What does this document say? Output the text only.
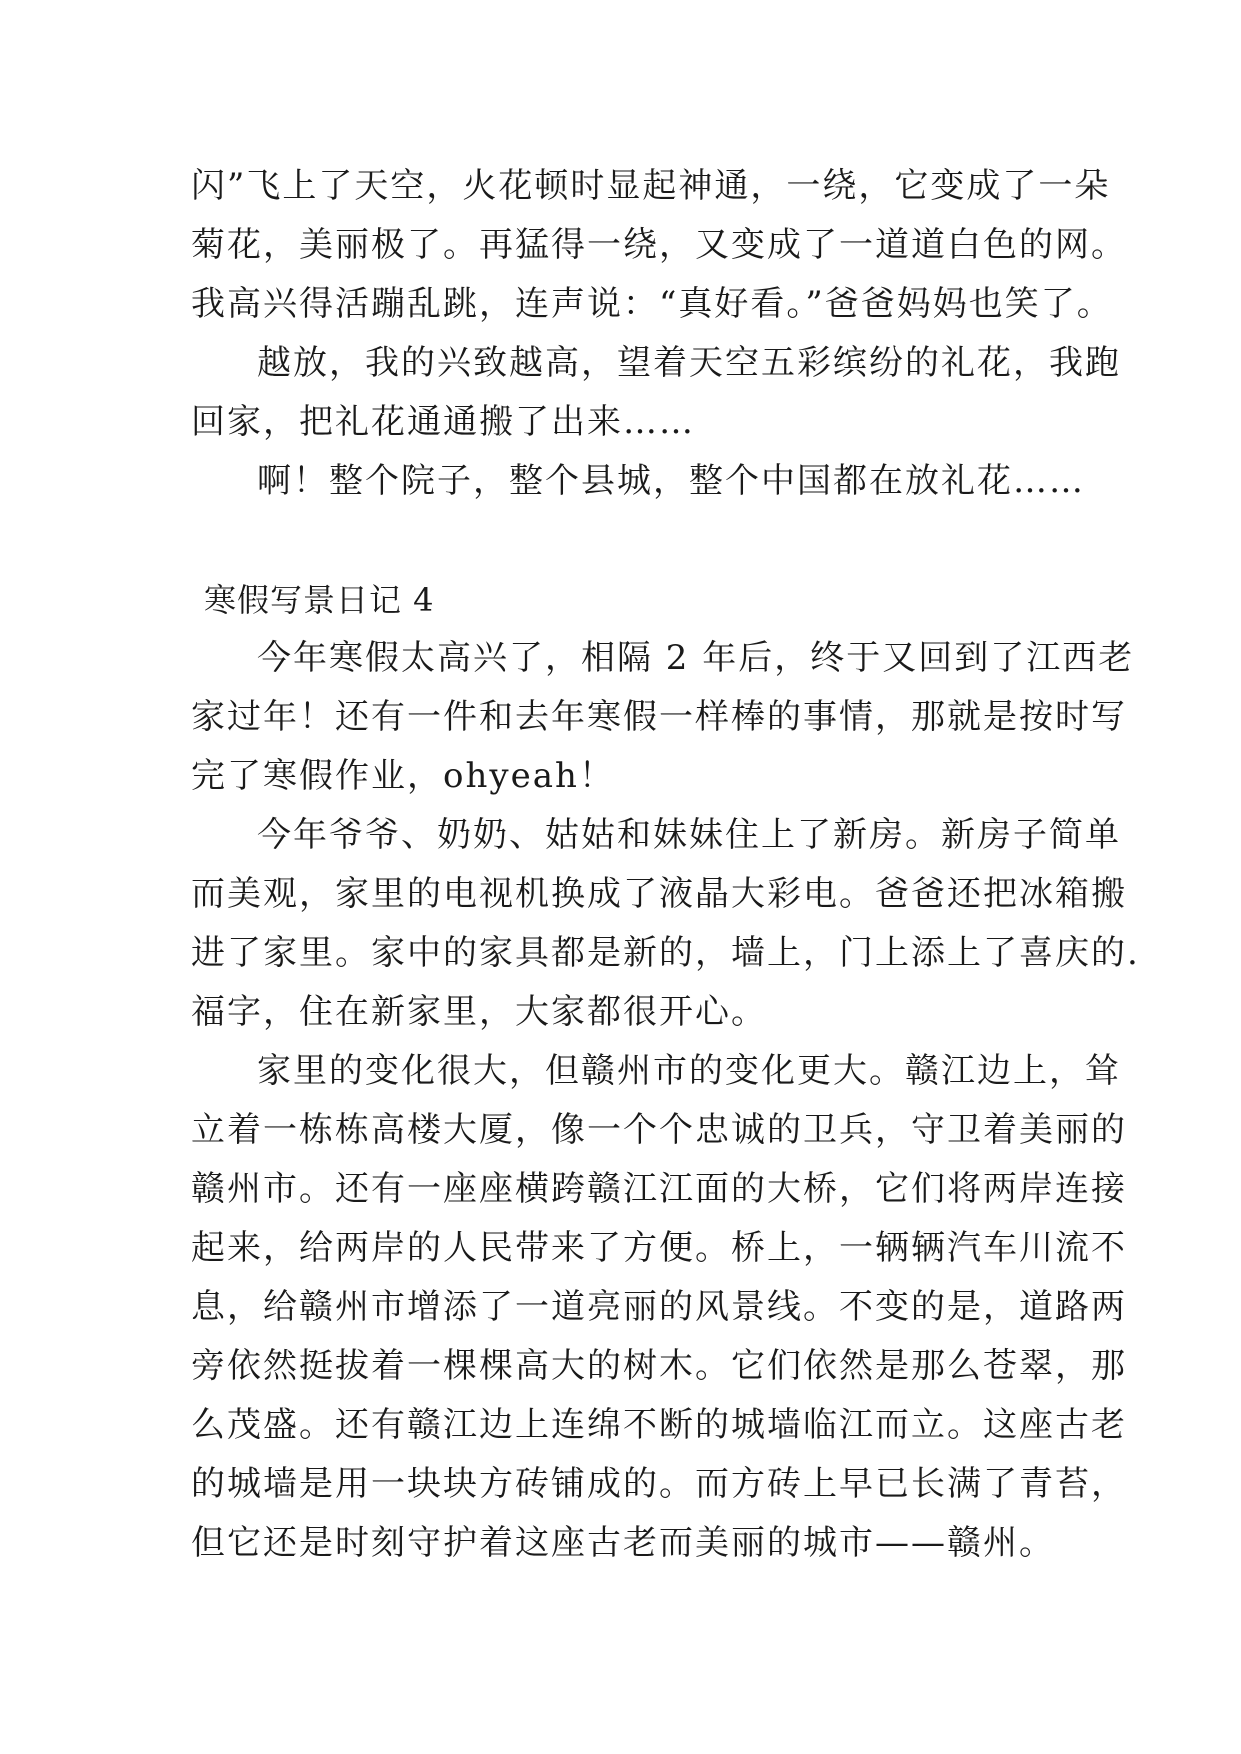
闪”飞上了天空，火花顿时显起神通，一绕，它变成了一朵
菊花，美丽极了。再猛得一绕，又变成了一道道白色的网。
我高兴得活蹦乱跳，连声说：“真好看。”爸爸妈妈也笑了。
越放，我的兴致越高，望着天空五彩缤纷的礼花，我跑
回家，把礼花通通搬了出来……
啊！整个院子，整个县城，整个中国都在放礼花……
寒假写景日记 4
今年寒假太高兴了，相隔 2 年后，终于又回到了江西老
家过年！还有一件和去年寒假一样棒的事情，那就是按时写
完了寒假作业，ohyeah！
今年爷爷、奶奶、姑姑和妹妹住上了新房。新房子简单
而美观，家里的电视机换成了液晶大彩电。爸爸还把冰箱搬
进了家里。家中的家具都是新的，墙上，门上添上了喜庆的.
福字，住在新家里，大家都很开心。
家里的变化很大，但赣州市的变化更大。赣江边上，耸
立着一栋栋高楼大厦，像一个个忠诚的卫兵，守卫着美丽的
赣州市。还有一座座横跨赣江江面的大桥，它们将两岸连接
起来，给两岸的人民带来了方便。桥上，一辆辆汽车川流不
息，给赣州市增添了一道亮丽的风景线。不变的是，道路两
旁依然挺拔着一棵棵高大的树木。它们依然是那么苍翠，那
么茂盛。还有赣江边上连绵不断的城墙临江而立。这座古老
的城墙是用一块块方砖铺成的。而方砖上早已长满了青苔，
但它还是时刻守护着这座古老而美丽的城市——赣州。
